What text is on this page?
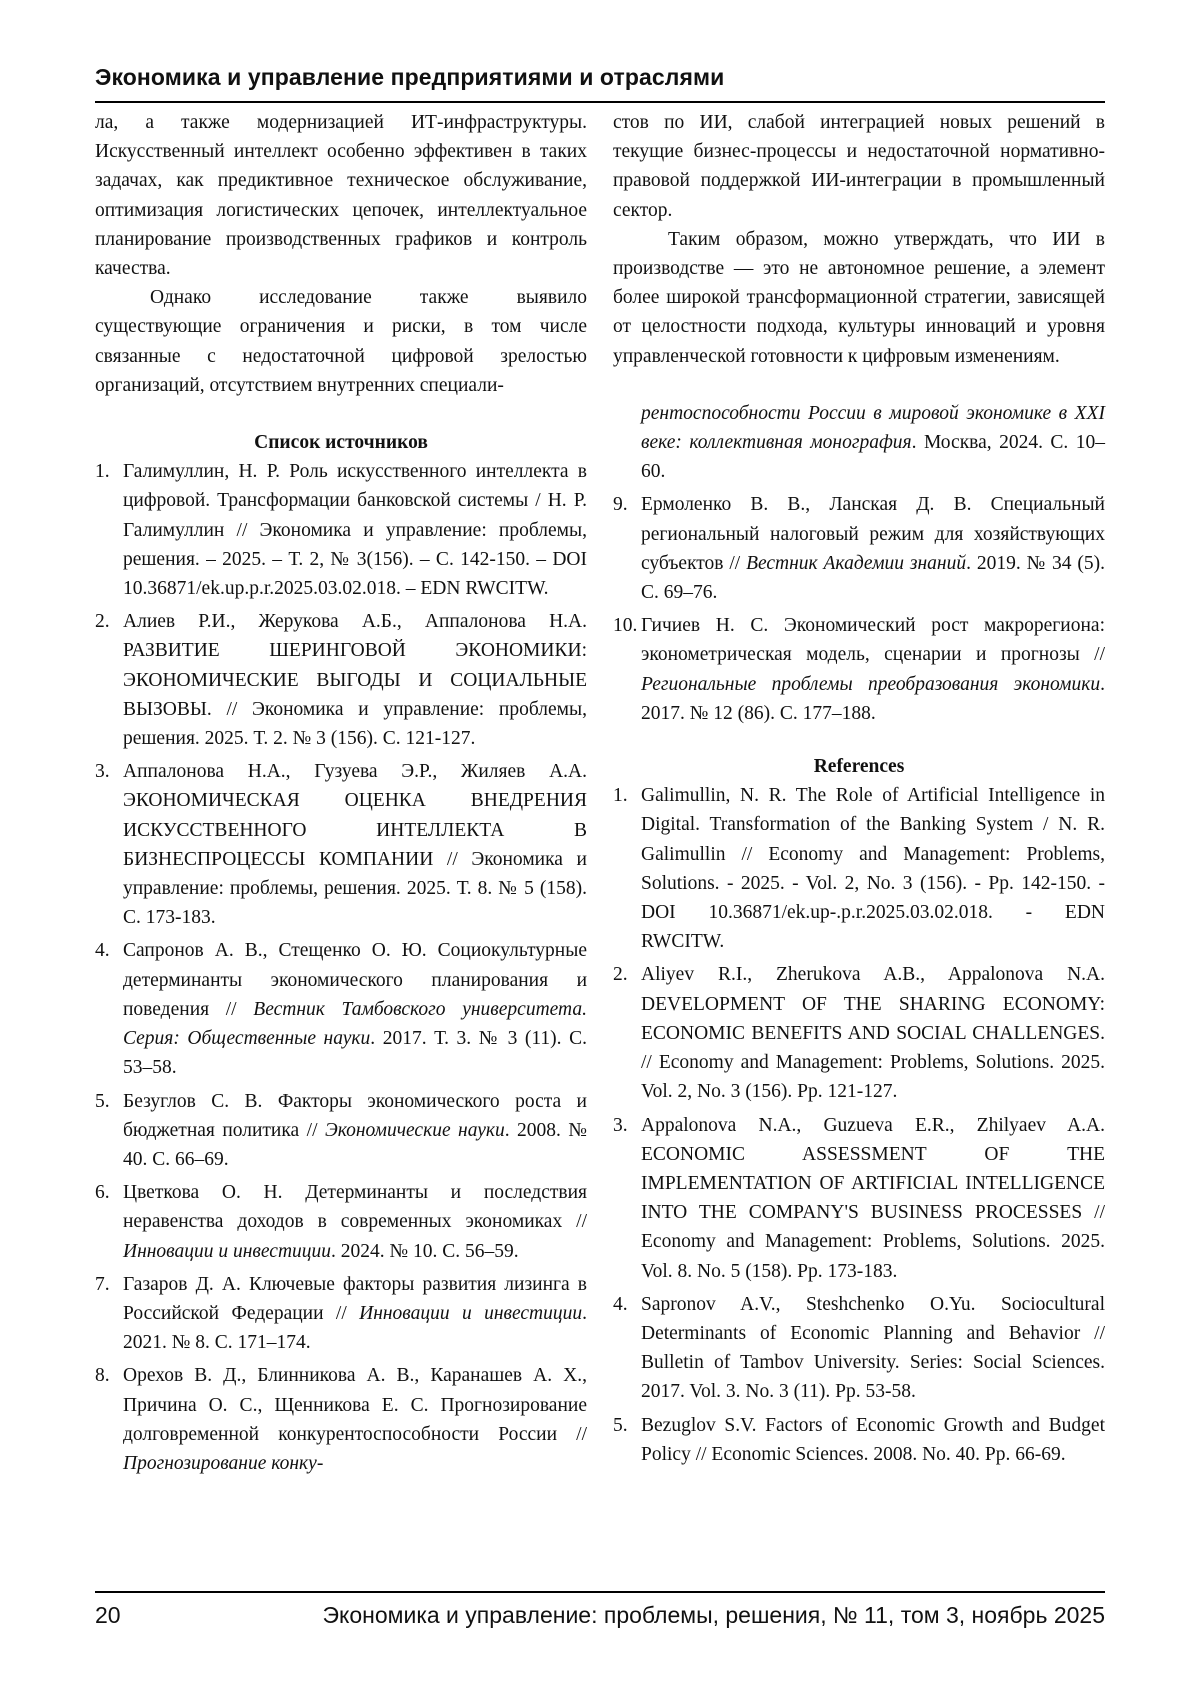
Экономика и управление предприятиями и отраслями

ла, а также модернизацией ИТ-инфраструктуры. Искусственный интеллект особенно эффективен в таких задачах, как предиктивное техническое обслуживание, оптимизация логистических цепочек, интеллектуальное планирование производственных графиков и контроль качества.

Однако исследование также выявило существующие ограничения и риски, в том числе связанные с недостаточной цифровой зрелостью организаций, отсутствием внутренних специали-

Список источников

1. Галимуллин, Н. Р. Роль искусственного интеллекта в цифровой. Трансформации банковской системы / Н. Р. Галимуллин // Экономика и управление: проблемы, решения. – 2025. – Т. 2, № 3(156). – С. 142-150. – DOI 10.36871/ek.up.p.r.2025.03.02.018. – EDN RWCITW.
2. Алиев Р.И., Жерукова А.Б., Аппалонова Н.А. РАЗВИТИЕ ШЕРИНГОВОЙ ЭКОНОМИКИ: ЭКОНОМИЧЕСКИЕ ВЫГОДЫ И СОЦИАЛЬНЫЕ ВЫЗОВЫ. // Экономика и управление: проблемы, решения. 2025. Т. 2. № 3 (156). С. 121-127.
3. Аппалонова Н.А., Гузуева Э.Р., Жиляев А.А. ЭКОНОМИЧЕСКАЯ ОЦЕНКА ВНЕДРЕНИЯ ИСКУССТВЕННОГО ИНТЕЛЛЕКТА В БИЗНЕСПРОЦЕССЫ КОМПАНИИ // Экономика и управление: проблемы, решения. 2025. Т. 8. № 5 (158). С. 173-183.
4. Сапронов А. В., Стещенко О. Ю. Социокультурные детерминанты экономического планирования и поведения // Вестник Тамбовского университета. Серия: Общественные науки. 2017. Т. 3. № 3 (11). С. 53–58.
5. Безуглов С. В. Факторы экономического роста и бюджетная политика // Экономические науки. 2008. № 40. С. 66–69.
6. Цветкова О. Н. Детерминанты и последствия неравенства доходов в современных экономиках // Инновации и инвестиции. 2024. № 10. С. 56–59.
7. Газаров Д. А. Ключевые факторы развития лизинга в Российской Федерации // Инновации и инвестиции. 2021. № 8. С. 171–174.
8. Орехов В. Д., Блинникова А. В., Каранашев А. Х., Причина О. С., Щенникова Е. С. Прогнозирование долговременной конкурентоспособности России // Прогнозирование конку-

стов по ИИ, слабой интеграцией новых решений в текущие бизнес-процессы и недостаточной нормативно-правовой поддержкой ИИ-интеграции в промышленный сектор.

Таким образом, можно утверждать, что ИИ в производстве — это не автономное решение, а элемент более широкой трансформационной стратегии, зависящей от целостности подхода, культуры инноваций и уровня управленческой готовности к цифровым изменениям.

рентоспособности России в мировой экономике в XXI веке: коллективная монография. Москва, 2024. С. 10–60.
9. Ермоленко В. В., Ланская Д. В. Специальный региональный налоговый режим для хозяйствующих субъектов // Вестник Академии знаний. 2019. № 34 (5). С. 69–76.
10. Гичиев Н. С. Экономический рост макрорегиона: эконометрическая модель, сценарии и прогнозы // Региональные проблемы преобразования экономики. 2017. № 12 (86). С. 177–188.

References

1. Galimullin, N. R. The Role of Artificial Intelligence in Digital. Transformation of the Banking System / N. R. Galimullin // Economy and Management: Problems, Solutions. - 2025. - Vol. 2, No. 3 (156). - Pp. 142-150. - DOI 10.36871/ek.up-.p.r.2025.03.02.018. - EDN RWCITW.
2. Aliyev R.I., Zherukova A.B., Appalonova N.A. DEVELOPMENT OF THE SHARING ECONOMY: ECONOMIC BENEFITS AND SOCIAL CHALLENGES. // Economy and Management: Problems, Solutions. 2025. Vol. 2, No. 3 (156). Pp. 121-127.
3. Appalonova N.A., Guzueva E.R., Zhilyaev A.A. ECONOMIC ASSESSMENT OF THE IMPLEMENTATION OF ARTIFICIAL INTELLIGENCE INTO THE COMPANY'S BUSINESS PROCESSES // Economy and Management: Problems, Solutions. 2025. Vol. 8. No. 5 (158). Pp. 173-183.
4. Sapronov A.V., Steshchenko O.Yu. Sociocultural Determinants of Economic Planning and Behavior // Bulletin of Tambov University. Series: Social Sciences. 2017. Vol. 3. No. 3 (11). Pp. 53-58.
5. Bezuglov S.V. Factors of Economic Growth and Budget Policy // Economic Sciences. 2008. No. 40. Pp. 66-69.
20	Экономика и управление: проблемы, решения, № 11, том 3, ноябрь 2025
